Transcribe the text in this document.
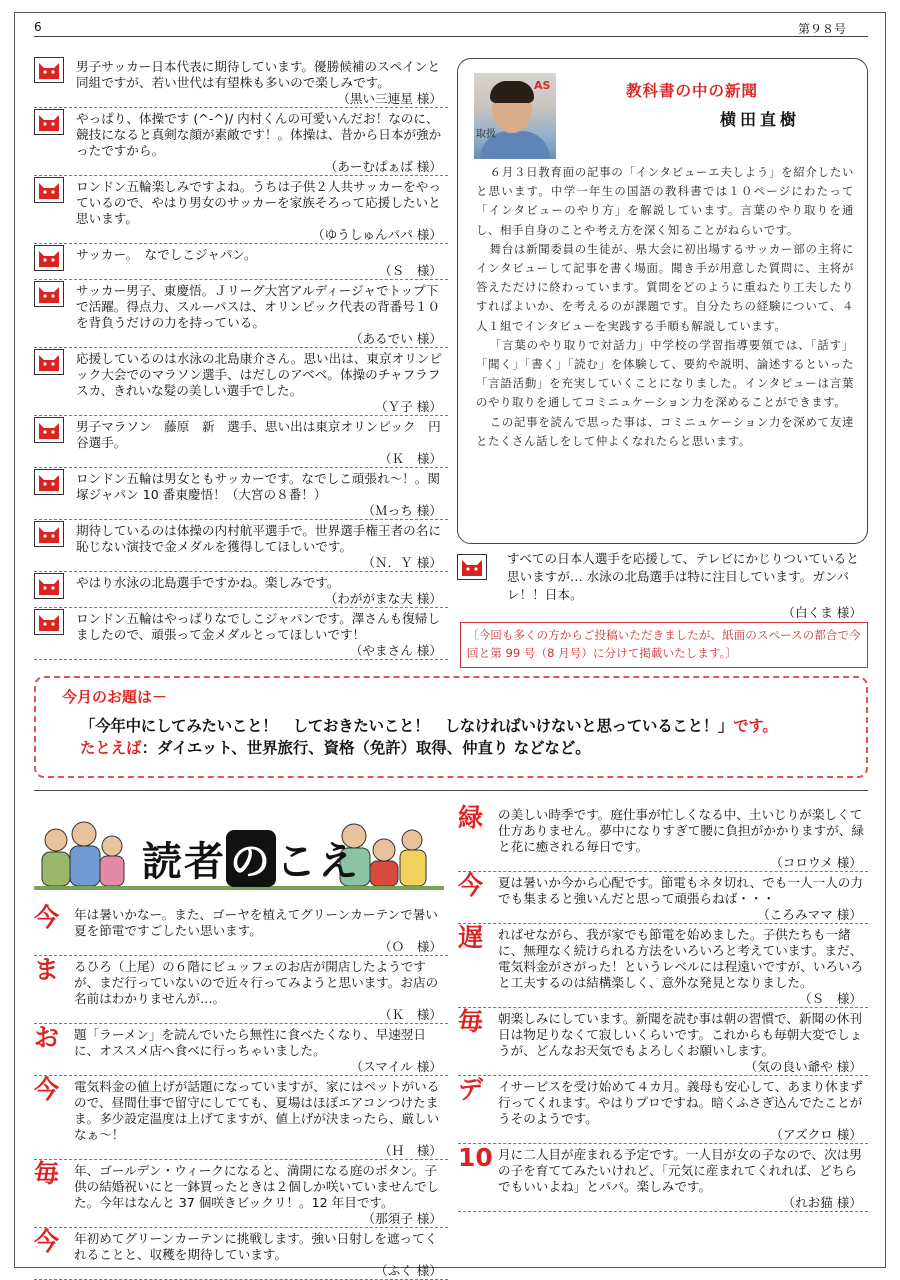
6	第９８号
男子サッカー日本代表に期待しています。優勝候補のスペインと同組ですが、若い世代は有望株も多いので楽しみです。
（黒い三連星 様）
やっぱり、体操です (^-^)/ 内村くんの可愛いんだお！なのに、競技になると真剣な顔が素敵です！。体操は、昔から日本が強かったですから。
（あーむぱぁば 様）
ロンドン五輪楽しみですよね。うちは子供２人共サッカーをやっているので、やはり男女のサッカーを家族そろって応援したいと思います。
（ゆうしゅんパパ 様）
サッカー。　なでしこジャパン。
（Ｓ　様）
サッカー男子、東慶悟。Ｊリーグ大宮アルディージャでトップ下で活躍。得点力、スルーパスは、オリンピック代表の背番号１０を背負うだけの力を持っている。
（あるでい 様）
応援しているのは水泳の北島康介さん。思い出は、東京オリンピック大会でのマラソン選手、はだしのアベベ。体操のチャフラフスカ、きれいな髪の美しい選手でした。
（Ｙ子 様）
男子マラソン　藤原　新　選手、思い出は東京オリンピック　円谷選手。
（Ｋ　様）
ロンドン五輪は男女ともサッカーです。なでしこ頑張れ～！。関塚ジャパン 10 番東慶悟！（大宮の８番！）
（Ｍっち 様）
期待しているのは体操の内村航平選手で。世界選手権王者の名に恥じない演技で金メダルを獲得してほしいです。
（Ｎ．Ｙ 様）
やはり水泳の北島選手ですかね。楽しみです。
（わががまな夫 様）
ロンドン五輪はやっぱりなでしこジャパンです。澤さんも復帰しましたので、頑張って金メダルとってほしいです！
（やまさん 様）
AS
取扱
教科書の中の新聞
横田直樹

６月３日教育面の記事の「インタビューエ夫しよう」を紹介したいと思います。中学一年生の国語の教科書では１０ページにわたって「インタビューのやり方」を解説しています。言葉のやり取りを通し、相手自身のことや考え方を深く知ることがねらいです。

舞台は新聞委員の生徒が、県大会に初出場するサッカー部の主将にインタビューして記事を書く場面。聞き手が用意した質問に、主将が答えただけに終わっています。質問をどのように重ねたり工夫したりすればよいか、を考えるのが課題です。自分たちの経験について、４人１組でインタビューを実践する手順も解説しています。

「言葉のやり取りで対話力」中学校の学習指導要領では、「話す」「聞く」「書く」「読む」を体験して、要約や説明、論述するといった「言語活動」を充実していくことになりました。インタビューは言葉のやり取りを通してコミニュケーション力を深めることができます。

この記事を読んで思った事は、コミニュケーション力を深めて友達とたくさん話しをして仲よくなれたらと思います。

すべての日本人選手を応援して、テレビにかじりついていると思いますが… 水泳の北島選手は特に注目しています。ガンバレ！！日本。
（白くま 様）
〔今回も多くの方からご投稿いただきましたが、紙面のスペースの都合で今回と第 99 号（8 月号）に分けて掲載いたします。〕
今月のお題は－
「今年中にしてみたいこと！　しておきたいこと！　しなければいけないと思っていること！」です。
たとえば：ダイエット、世界旅行、資格（免許）取得、仲直り などなど。
読者 の こえ
今 年は暑いかなー。また、ゴーヤを植えてグリーンカーテンで暑い夏を節電ですごしたい思います。
（Ｏ　様）
ま るひろ（上尾）の６階にビュッフェのお店が開店したようですが、まだ行っていないので近々行ってみようと思います。お店の名前はわかりませんが…。
（Ｋ　様）
お 題「ラーメン」を読んでいたら無性に食べたくなり、早速翌日に、オススメ店へ食べに行っちゃいました。
（スマイル 様）
今 電気料金の値上げが話題になっていますが、家にはペットがいるので、昼間仕事で留守にしてても、夏場はほぼエアコンつけたまま。多少設定温度は上げてますが、値上げが決まったら、厳しいなぁ～！
（Ｈ　様）
毎 年、ゴールデン・ウィークになると、満開になる庭のボタン。子供の結婚祝いにと一鉢買ったときは２個しか咲いていませんでした。今年はなんと 37 個咲きビックリ！。12 年目です。
（那須子 様）
今 年初めてグリーンカーテンに挑戦します。強い日射しを遮ってくれることと、収穫を期待しています。
（ふく 様）
緑 の美しい時季です。庭仕事が忙しくなる中、土いじりが楽しくて仕方ありません。夢中になりすぎて腰に負担がかかりますが、緑と花に癒される毎日です。
（コロウメ 様）
今 夏は暑いか今から心配です。節電もネタ切れ、でも一人一人の力でも集まると強いんだと思って頑張らねば・・・
（ころみママ 様）
遅 ればせながら、我が家でも節電を始めました。子供たちも一緒に、無理なく続けられる方法をいろいろと考えています。まだ、電気料金がさがった！というレベルには程遠いですが、いろいろと工夫するのは結構楽しく、意外な発見となりました。
（Ｓ　様）
毎 朝楽しみにしています。新聞を読む事は朝の習慣で、新聞の休刊日は物足りなくて寂しいくらいです。これからも毎朝大変でしょうが、どんなお天気でもよろしくお願いします。
（気の良い爺や 様）
デ イサービスを受け始めて４カ月。義母も安心して、あまり休まず行ってくれます。やはりプロですね。暗くふさぎ込んでたことがうそのようです。
（アズクロ 様）
10 月に二人目が産まれる予定です。一人目が女の子なので、次は男の子を育ててみたいけれど、「元気に産まれてくれれば、どちらでもいいよね」とパパ。楽しみです。
（れお猫 様）
